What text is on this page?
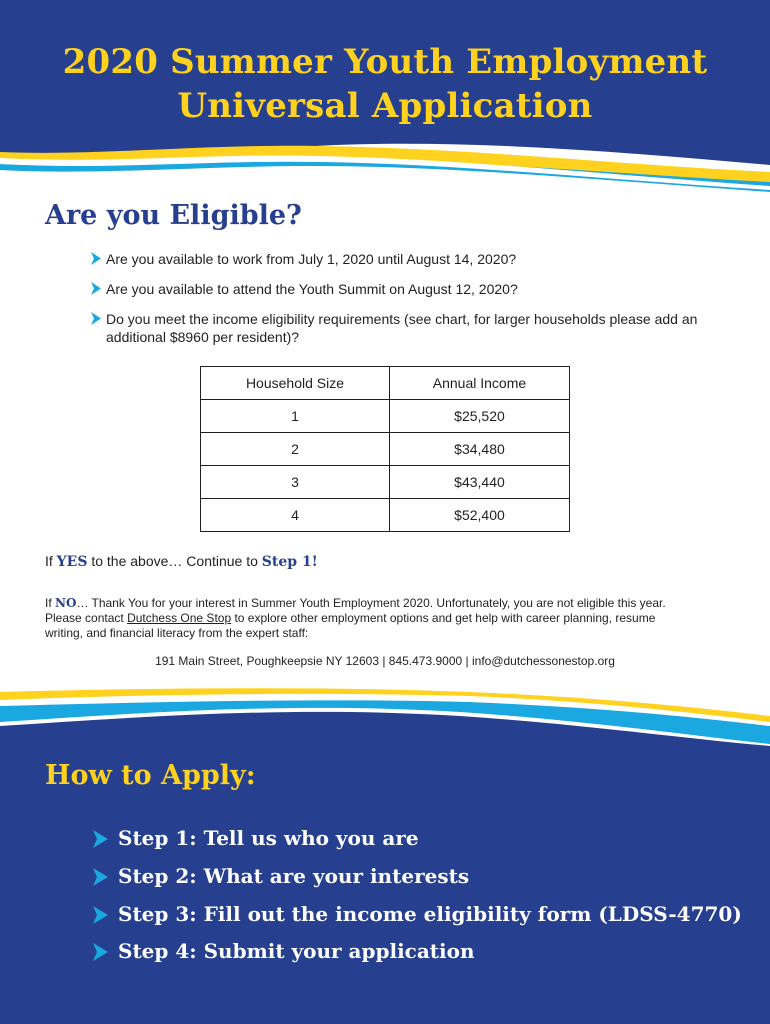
2020 Summer Youth Employment
Universal Application
Are you Eligible?
Are you available to work from July 1, 2020 until August 14, 2020?
Are you available to attend the Youth Summit on August 12, 2020?
Do you meet the income eligibility requirements (see chart, for larger households please add an additional $8960 per resident)?
Household Size	Annual Income
1	$25,520
2	$34,480
3	$43,440
4	$52,400
If YES to the above… Continue to Step 1!
If NO… Thank You for your interest in Summer Youth Employment 2020. Unfortunately, you are not eligible this year. Please contact Dutchess One Stop to explore other employment options and get help with career planning, resume writing, and financial literacy from the expert staff:
191 Main Street, Poughkeepsie NY 12603 | 845.473.9000 | info@dutchessonestop.org
How to Apply:
Step 1: Tell us who you are
Step 2: What are your interests
Step 3: Fill out the income eligibility form (LDSS-4770)
Step 4: Submit your application
